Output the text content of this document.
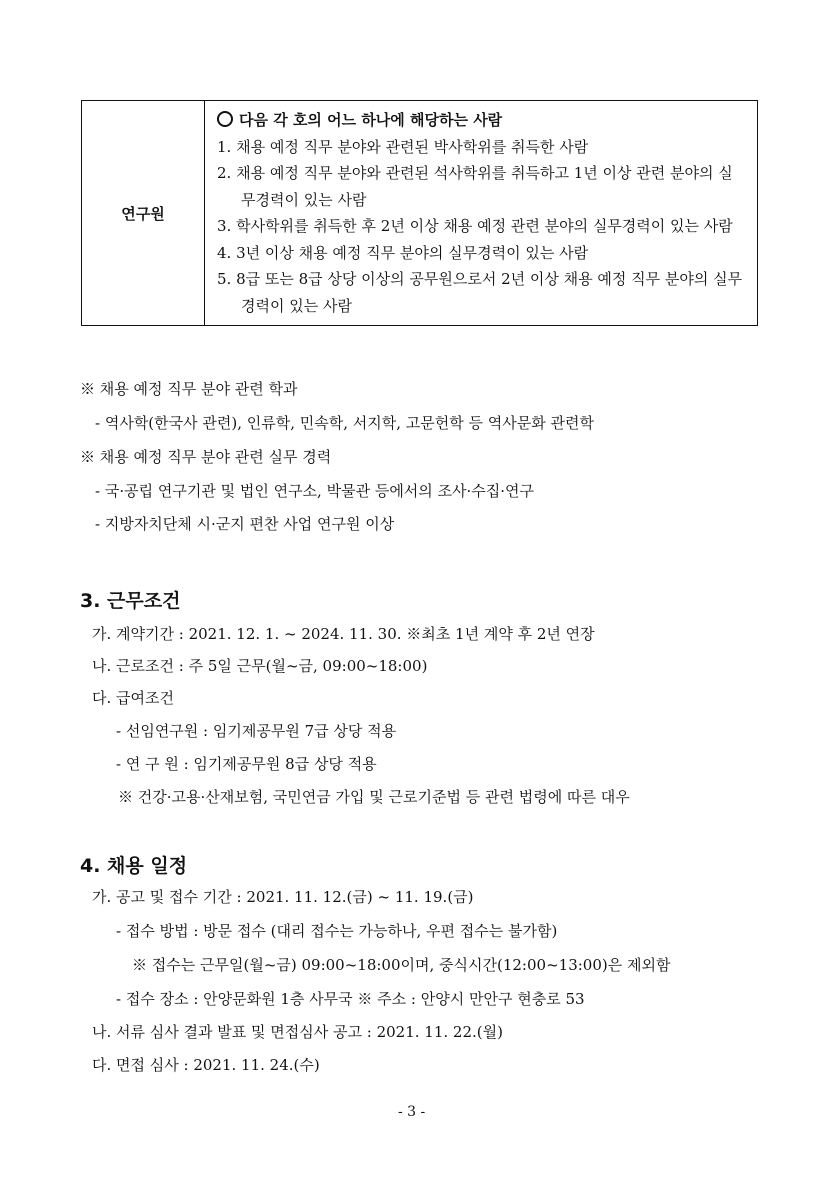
연구원	
다음 각 호의 어느 하나에 해당하는 사람
1. 채용 예정 직무 분야와 관련된 박사학위를 취득한 사람
2. 채용 예정 직무 분야와 관련된 석사학위를 취득하고 1년 이상 관련 분야의 실무경력이 있는 사람
3. 학사학위를 취득한 후 2년 이상 채용 예정 관련 분야의 실무경력이 있는 사람
4. 3년 이상 채용 예정 직무 분야의 실무경력이 있는 사람
5. 8급 또는 8급 상당 이상의 공무원으로서 2년 이상 채용 예정 직무 분야의 실무경력이 있는 사람
※ 채용 예정 직무 분야 관련 학과
- 역사학(한국사 관련), 인류학, 민속학, 서지학, 고문헌학 등 역사문화 관련학
※ 채용 예정 직무 분야 관련 실무 경력
- 국·공립 연구기관 및 법인 연구소, 박물관 등에서의 조사·수집·연구
- 지방자치단체 시·군지 편찬 사업 연구원 이상
3. 근무조건
가. 계약기간 : 2021. 12. 1. ~ 2024. 11. 30. ※최초 1년 계약 후 2년 연장
나. 근로조건 : 주 5일 근무(월~금, 09:00~18:00)
다. 급여조건
- 선임연구원 : 임기제공무원 7급 상당 적용
- 연 구 원 : 임기제공무원 8급 상당 적용
※ 건강·고용·산재보험, 국민연금 가입 및 근로기준법 등 관련 법령에 따른 대우
4. 채용 일정
가. 공고 및 접수 기간 : 2021. 11. 12.(금) ~ 11. 19.(금)
- 접수 방법 : 방문 접수 (대리 접수는 가능하나, 우편 접수는 불가함)
※ 접수는 근무일(월~금) 09:00~18:00이며, 중식시간(12:00~13:00)은 제외함
- 접수 장소 : 안양문화원 1층 사무국 ※ 주소 : 안양시 만안구 현충로 53
나. 서류 심사 결과 발표 및 면접심사 공고 : 2021. 11. 22.(월)
다. 면접 심사 : 2021. 11. 24.(수)
- 3 -
